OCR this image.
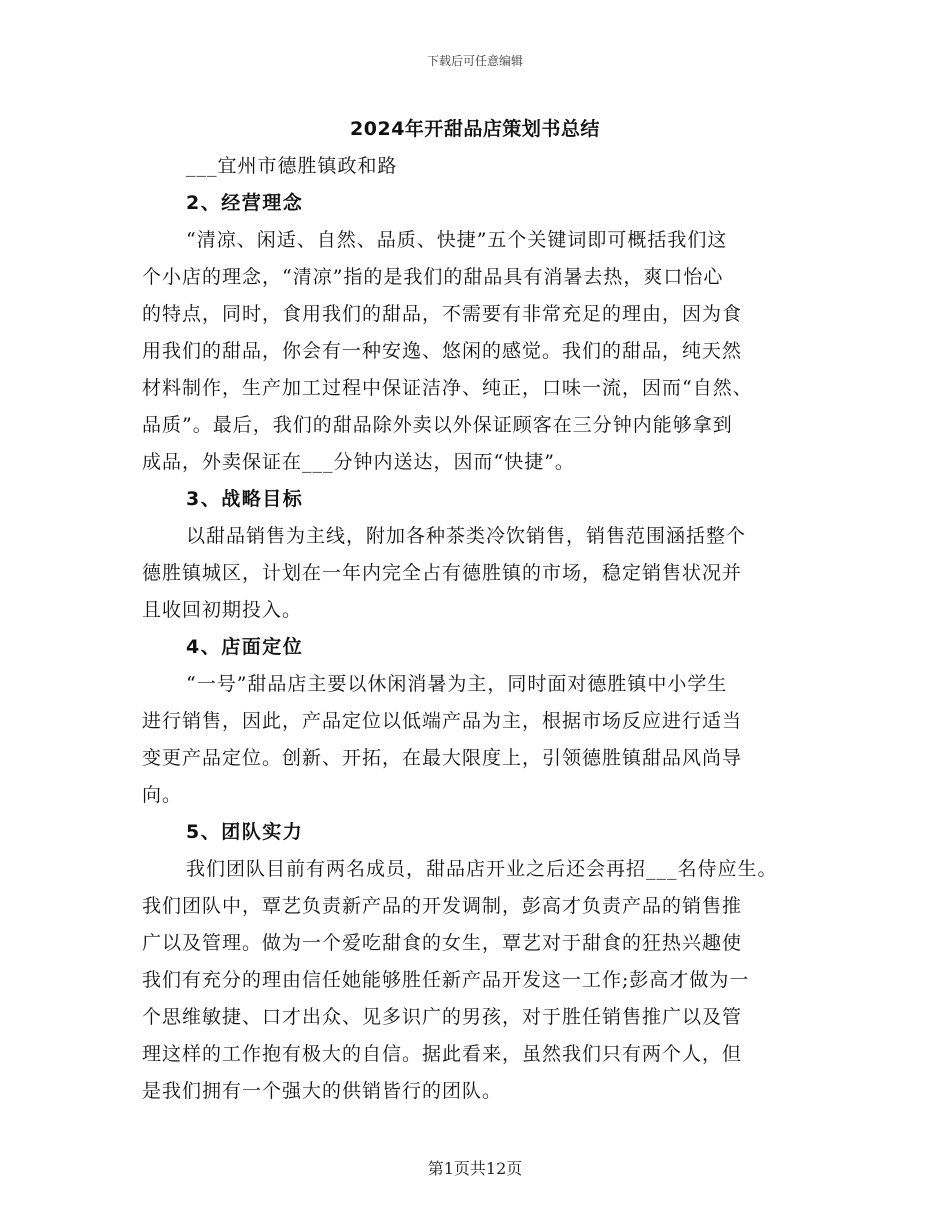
下载后可任意编辑
2024年开甜品店策划书总结
___宜州市德胜镇政和路
2、经营理念
“清凉、闲适、自然、品质、快捷”五个关键词即可概括我们这
个小店的理念，“清凉”指的是我们的甜品具有消暑去热，爽口怡心
的特点，同时，食用我们的甜品，不需要有非常充足的理由，因为食
用我们的甜品，你会有一种安逸、悠闲的感觉。我们的甜品，纯天然
材料制作，生产加工过程中保证洁净、纯正，口味一流，因而“自然、
品质”。最后，我们的甜品除外卖以外保证顾客在三分钟内能够拿到
成品，外卖保证在___分钟内送达，因而“快捷”。
3、战略目标
以甜品销售为主线，附加各种茶类冷饮销售，销售范围涵括整个
德胜镇城区，计划在一年内完全占有德胜镇的市场，稳定销售状况并
且收回初期投入。
4、店面定位
“一号”甜品店主要以休闲消暑为主，同时面对德胜镇中小学生
进行销售，因此，产品定位以低端产品为主，根据市场反应进行适当
变更产品定位。创新、开拓，在最大限度上，引领德胜镇甜品风尚导
向。
5、团队实力
我们团队目前有两名成员，甜品店开业之后还会再招___名侍应生。
我们团队中，覃艺负责新产品的开发调制，彭高才负责产品的销售推
广以及管理。做为一个爱吃甜食的女生，覃艺对于甜食的狂热兴趣使
我们有充分的理由信任她能够胜任新产品开发这一工作;彭高才做为一
个思维敏捷、口才出众、见多识广的男孩，对于胜任销售推广以及管
理这样的工作抱有极大的自信。据此看来，虽然我们只有两个人，但
是我们拥有一个强大的供销皆行的团队。
第1页共12页
